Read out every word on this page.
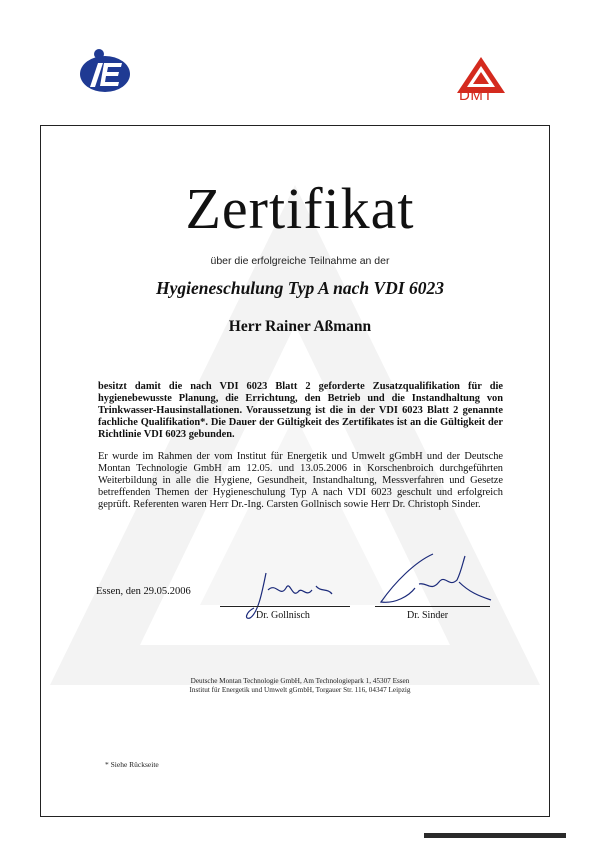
DMT
Zertifikat
über die erfolgreiche Teilnahme an der
Hygieneschulung Typ A nach VDI 6023
Herr Rainer Aßmann
besitzt damit die nach VDI 6023 Blatt 2 geforderte Zusatzqualifikation für die hygienebewusste Planung, die Errichtung, den Betrieb und die Instandhaltung von Trinkwasser-Hausinstallationen. Voraussetzung ist die in der VDI 6023 Blatt 2 genannte fachliche Qualifikation*. Die Dauer der Gültigkeit des Zertifikates ist an die Gültigkeit der Richtlinie VDI 6023 gebunden.
Er wurde im Rahmen der vom Institut für Energetik und Umwelt gGmbH und der Deutsche Montan Technologie GmbH am 12.05. und 13.05.2006 in Korschenbroich durchgeführten Weiterbildung in alle die Hygiene, Gesundheit, Instandhaltung, Messverfahren und Gesetze betreffenden Themen der Hygieneschulung Typ A nach VDI 6023 geschult und erfolgreich geprüft. Referenten waren Herr Dr.-Ing. Carsten Gollnisch sowie Herr Dr. Christoph Sinder.
Essen, den 29.05.2006
Dr. Gollnisch	Dr. Sinder
Deutsche Montan Technologie GmbH, Am Technologiepark 1, 45307 Essen
Institut für Energetik und Umwelt gGmbH, Torgauer Str. 116, 04347 Leipzig
* Siehe Rückseite
